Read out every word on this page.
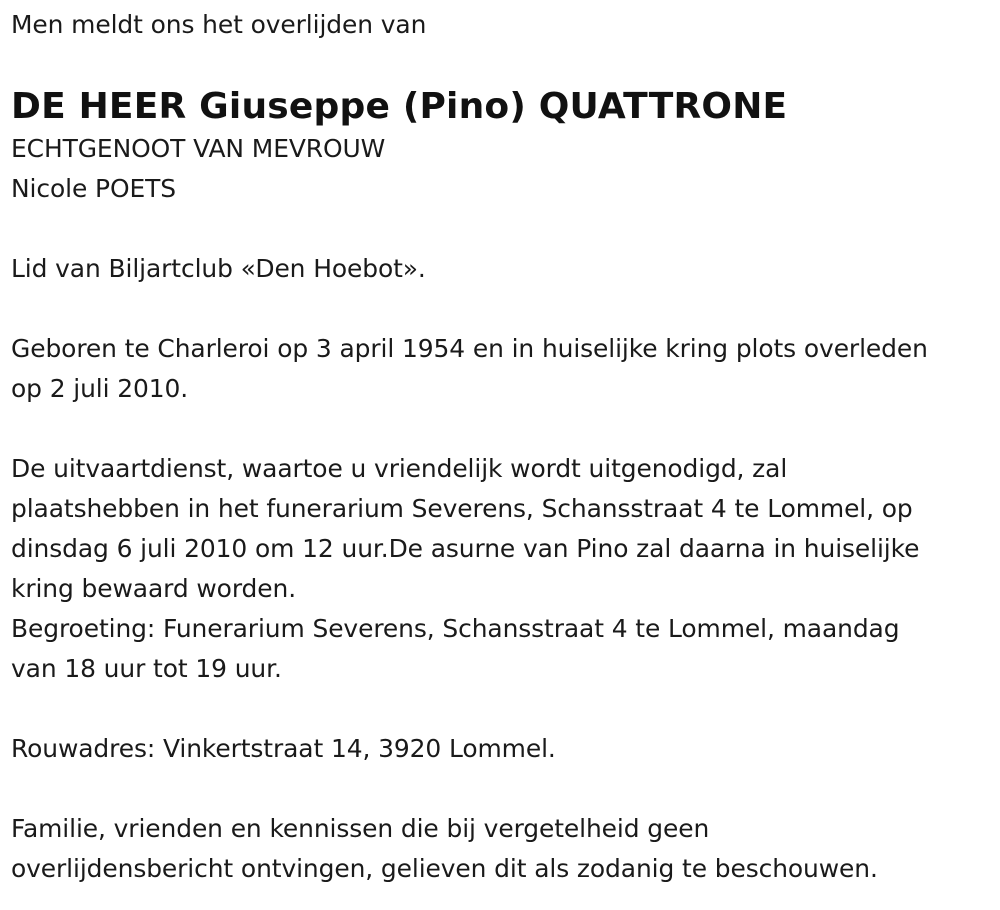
Men meldt ons het overlijden van
DE HEER Giuseppe (Pino) QUATTRONE
ECHTGENOOT VAN MEVROUW
Nicole POETS
Lid van Biljartclub «Den Hoebot».
Geboren te Charleroi op 3 april 1954 en in huiselijke kring plots overleden
op 2 juli 2010.
De uitvaartdienst, waartoe u vriendelijk wordt uitgenodigd, zal
plaatshebben in het funerarium Severens, Schansstraat 4 te Lommel, op
dinsdag 6 juli 2010 om 12 uur.De asurne van Pino zal daarna in huiselijke
kring bewaard worden.
Begroeting: Funerarium Severens, Schansstraat 4 te Lommel, maandag
van 18 uur tot 19 uur.
Rouwadres: Vinkertstraat 14, 3920 Lommel.
Familie, vrienden en kennissen die bij vergetelheid geen
overlijdensbericht ontvingen, gelieven dit als zodanig te beschouwen.
